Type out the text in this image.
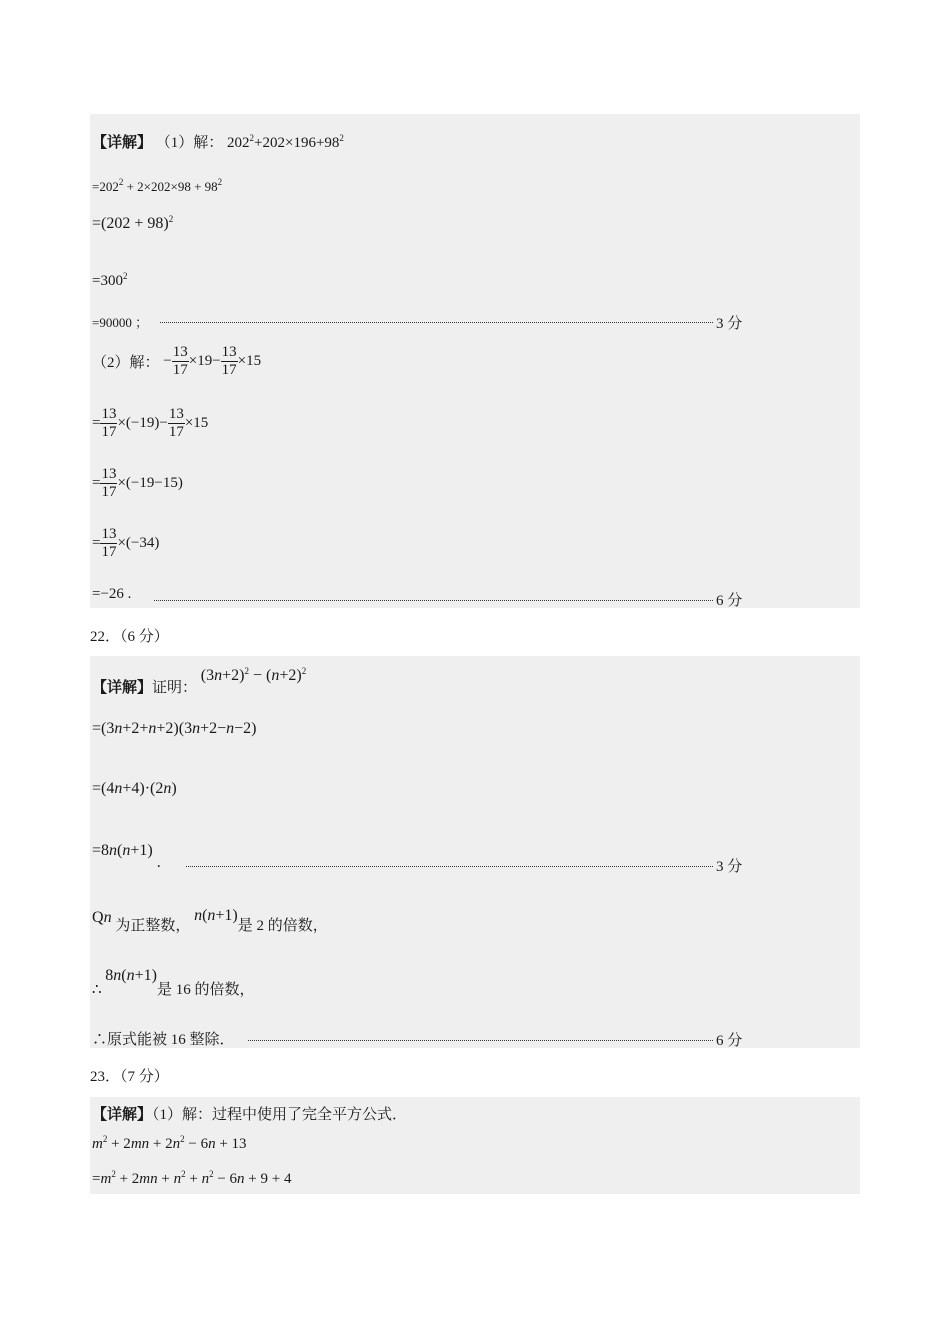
【详解】 （1）解： $202^2+202\times 196+98^2$
$=202^2 + 2\times 202\times 98 + 98^2$
$=(202 + 98)^2$
$=300^2$
=90000 ；	3 分
（2）解： − $\frac{13}{17} \times 19- \frac{13}{17} \times 15$
= $\frac{13}{17} \times(-19)- \frac{13}{17} \times 15$
= $\frac{13}{17} \times(-19-15)$
= $\frac{13}{17} \times(-34)$
=−26 .	6 分
22．（6 分）
【详解】证明： $(3n+2)^2 - (n+2)^2$
=(3n+2+n+2)(3n+2−n−2)
=(4n+4)·(2n)
=8n(n+1) .	3 分
Qn 为正整数， n(n+1)是 2 的倍数，
∴ 8n(n+1)是 16 的倍数，
∴原式能被 16 整除．	6 分
23．（7 分）
【详解】（1）解：过程中使用了完全平方公式．
$m^2 + 2mn + 2n^2 - 6n + 13$
$=m^2 + 2mn + n^2 + n^2 - 6n + 9 + 4$
